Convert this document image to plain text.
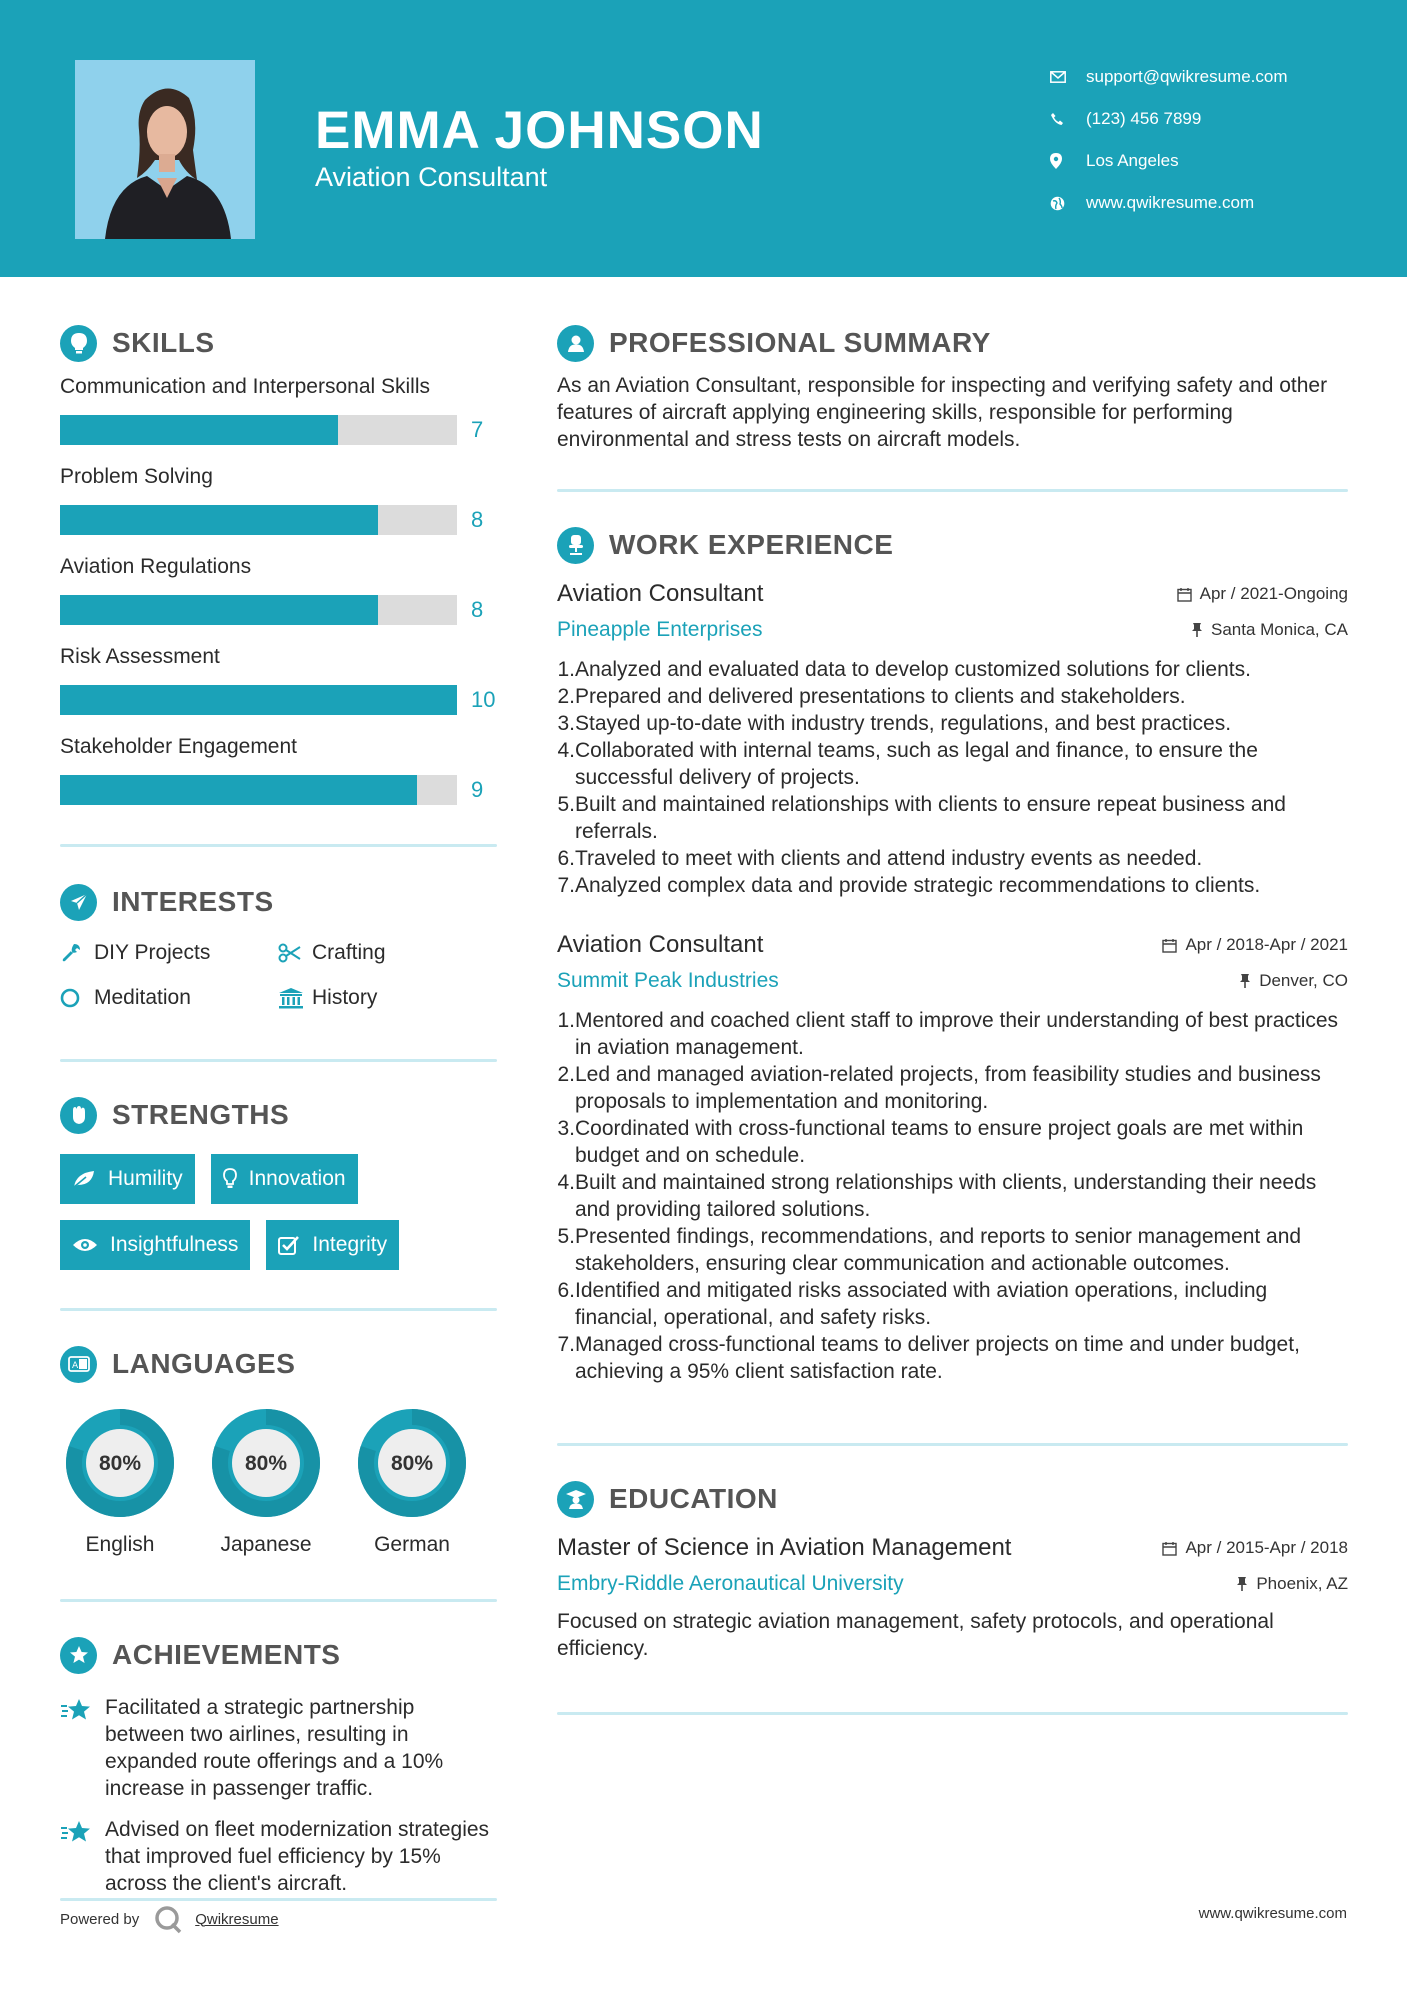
EMMA JOHNSON
Aviation Consultant
support@qwikresume.com
(123) 456 7899
Los Angeles
www.qwikresume.com
SKILLS
Communication and Interpersonal Skills
7
Problem Solving
8
Aviation Regulations
8
Risk Assessment
10
Stakeholder Engagement
9
INTERESTS
DIY Projects	Crafting
Meditation	History
STRENGTHS
Humility	Innovation
Insightfulness	Integrity
A LANGUAGES
80%
English
80%
Japanese
80%
German
ACHIEVEMENTS
Facilitated a strategic partnership between two airlines, resulting in expanded route offerings and a 10% increase in passenger traffic.
Advised on fleet modernization strategies that improved fuel efficiency by 15% across the client's aircraft.
PROFESSIONAL SUMMARY

As an Aviation Consultant, responsible for inspecting and verifying safety and other features of aircraft applying engineering skills, responsible for performing environmental and stress tests on aircraft models.

WORK EXPERIENCE
Aviation Consultant	Apr / 2021-Ongoing
Pineapple Enterprises	Santa Monica, CA
1. Analyzed and evaluated data to develop customized solutions for clients.
2. Prepared and delivered presentations to clients and stakeholders.
3. Stayed up-to-date with industry trends, regulations, and best practices.
4. Collaborated with internal teams, such as legal and finance, to ensure the successful delivery of projects.
5. Built and maintained relationships with clients to ensure repeat business and referrals.
6. Traveled to meet with clients and attend industry events as needed.
7. Analyzed complex data and provide strategic recommendations to clients.
Aviation Consultant	Apr / 2018-Apr / 2021
Summit Peak Industries	Denver, CO
1. Mentored and coached client staff to improve their understanding of best practices in aviation management.
2. Led and managed aviation-related projects, from feasibility studies and business proposals to implementation and monitoring.
3. Coordinated with cross-functional teams to ensure project goals are met within budget and on schedule.
4. Built and maintained strong relationships with clients, understanding their needs and providing tailored solutions.
5. Presented findings, recommendations, and reports to senior management and stakeholders, ensuring clear communication and actionable outcomes.
6. Identified and mitigated risks associated with aviation operations, including financial, operational, and safety risks.
7. Managed cross-functional teams to deliver projects on time and under budget, achieving a 95% client satisfaction rate.
EDUCATION
Master of Science in Aviation Management	Apr / 2015-Apr / 2018
Embry-Riddle Aeronautical University	Phoenix, AZ

Focused on strategic aviation management, safety protocols, and operational efficiency.

Powered by	Qwikresume	www.qwikresume.com
